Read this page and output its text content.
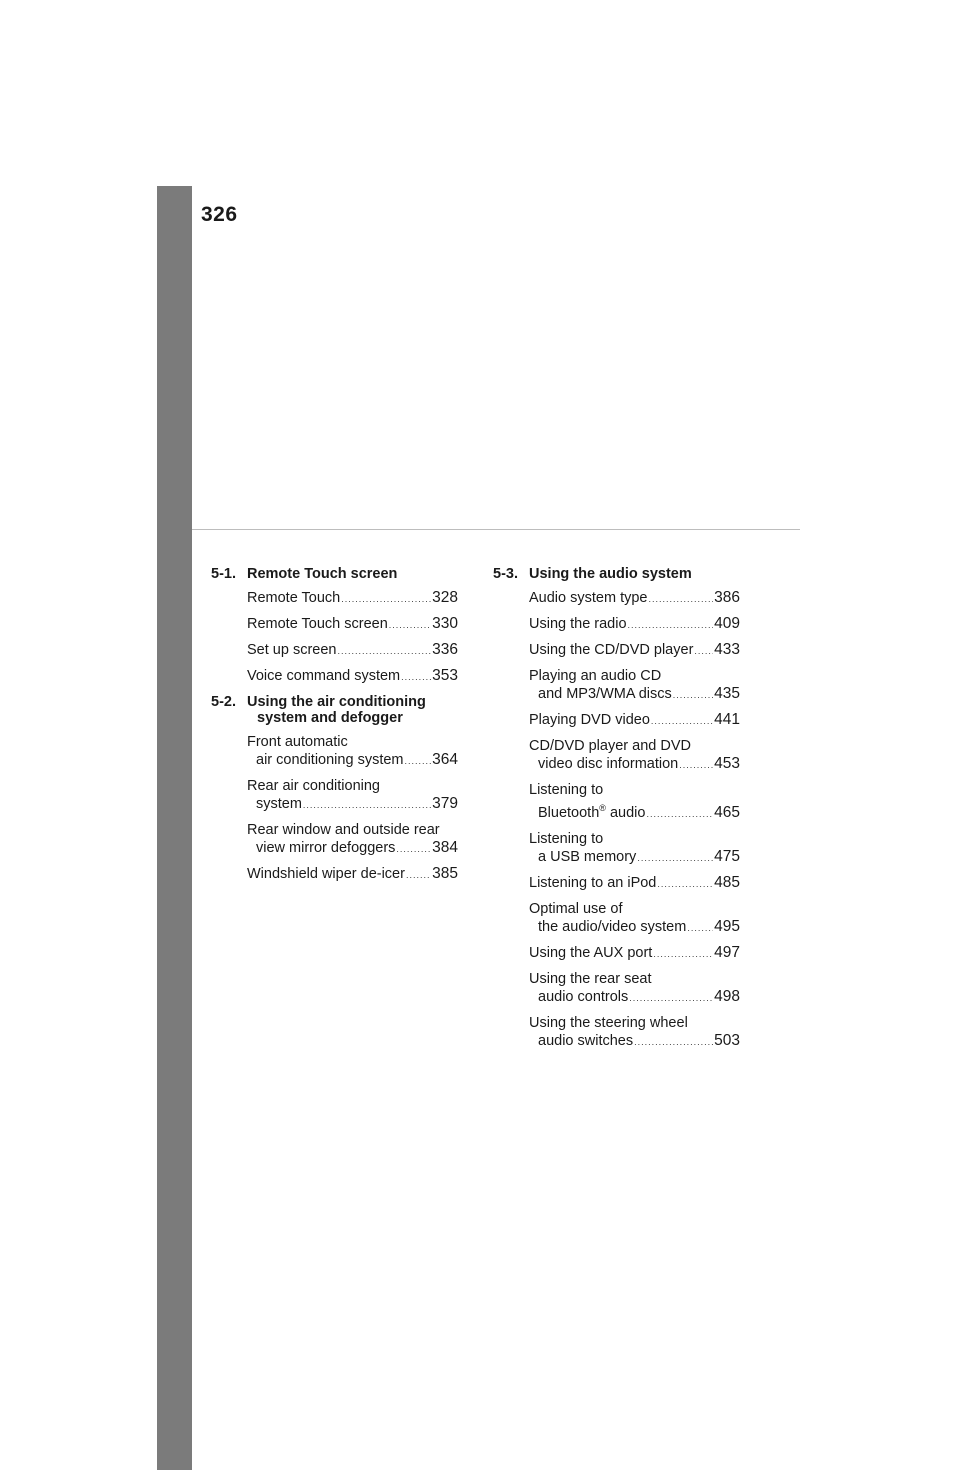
326
5-1. Remote Touch screen
Remote Touch .....	328
Remote Touch screen .....	330
Set up screen .....	336
Voice command system ..... 353
5-2. Using the air conditioning
system and defogger
Front automatic
air conditioning system ..... 364
Rear air conditioning
system .....	379
Rear window and outside rear
view mirror defoggers ..... 384
Windshield wiper de-icer ..... 385
5-3. Using the audio system
Audio system type .....	386
Using the radio .....	409
Using the CD/DVD player ..... 433
Playing an audio CD
and MP3/WMA discs .....	435
Playing DVD video .....	441
CD/DVD player and DVD
video disc information ..... 453
Listening to
Bluetooth® audio .....	465
Listening to
a USB memory .....	475
Listening to an iPod .....	485
Optimal use of
the audio/video system ..... 495
Using the AUX port .....	497
Using the rear seat
audio controls .....	498
Using the steering wheel
audio switches .....	503
